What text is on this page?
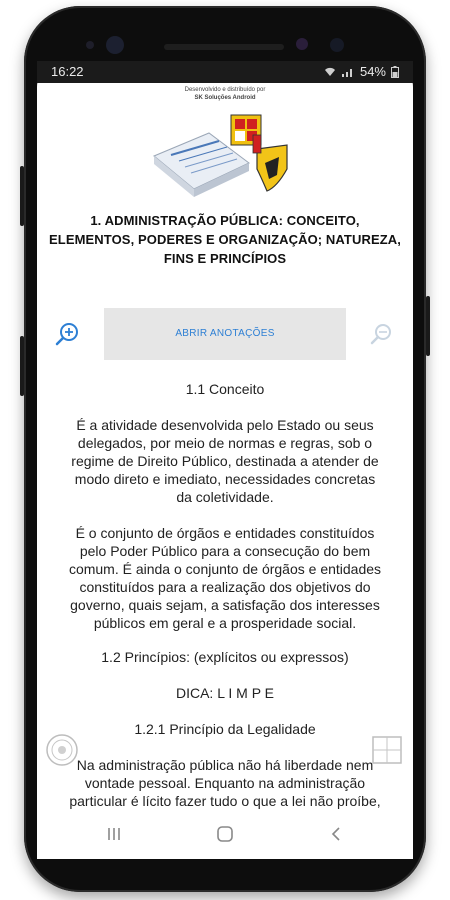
16:22	54%
Desenvolvido e distribuído por
SK Soluções Android
1. ADMINISTRAÇÃO PÚBLICA: CONCEITO,
ELEMENTOS, PODERES E ORGANIZAÇÃO; NATUREZA,
FINS E PRINCÍPIOS
ABRIR ANOTAÇÕES

1.1 Conceito

É a atividade desenvolvida pelo Estado ou seus

delegados, por meio de normas e regras, sob o

regime de Direito Público, destinada a atender de

modo direto e imediato, necessidades concretas

da coletividade.

É o conjunto de órgãos e entidades constituídos

pelo Poder Público para a consecução do bem

comum. É ainda o conjunto de órgãos e entidades

constituídos para a realização dos objetivos do

governo, quais sejam, a satisfação dos interesses

públicos em geral e a prosperidade social.

1.2 Princípios: (explícitos ou expressos)

DICA: L I M P E

1.2.1 Princípio da Legalidade

Na administração pública não há liberdade nem

vontade pessoal. Enquanto na administração

particular é lícito fazer tudo o que a lei não proíbe,
